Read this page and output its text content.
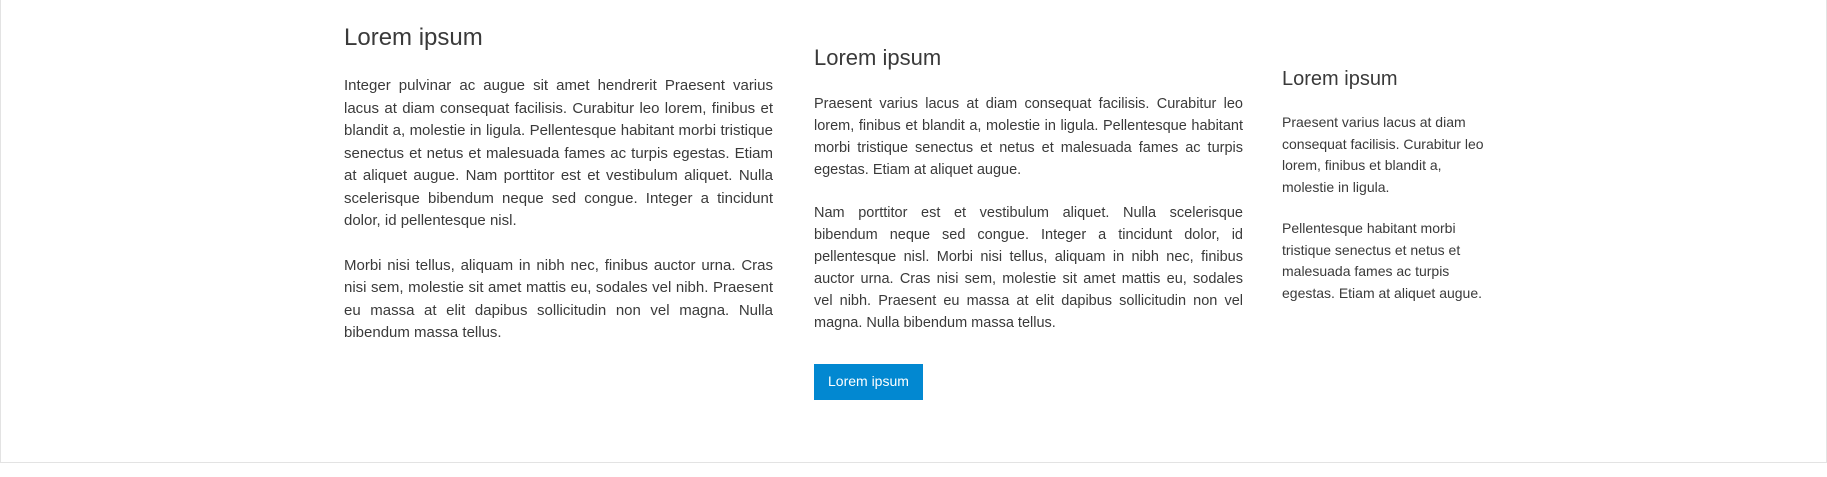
Lorem ipsum

Integer pulvinar ac augue sit amet hendrerit Praesent varius lacus at diam consequat facilisis. Curabitur leo lorem, finibus et blandit a, molestie in ligula. Pellentesque habitant morbi tristique senectus et netus et malesuada fames ac turpis egestas. Etiam at aliquet augue. Nam porttitor est et vestibulum aliquet. Nulla scelerisque bibendum neque sed congue. Integer a tincidunt dolor, id pellentesque nisl.

Morbi nisi tellus, aliquam in nibh nec, finibus auctor urna. Cras nisi sem, molestie sit amet mattis eu, sodales vel nibh. Praesent eu massa at elit dapibus sollicitudin non vel magna. Nulla bibendum massa tellus.

Lorem ipsum

Praesent varius lacus at diam consequat facilisis. Curabitur leo lorem, finibus et blandit a, molestie in ligula. Pellentesque habitant morbi tristique senectus et netus et malesuada fames ac turpis egestas. Etiam at aliquet augue.

Nam porttitor est et vestibulum aliquet. Nulla scelerisque bibendum neque sed congue. Integer a tincidunt dolor, id pellentesque nisl. Morbi nisi tellus, aliquam in nibh nec, finibus auctor urna. Cras nisi sem, molestie sit amet mattis eu, sodales vel nibh. Praesent eu massa at elit dapibus sollicitudin non vel magna. Nulla bibendum massa tellus.

Lorem ipsum
Lorem ipsum

Praesent varius lacus at diam consequat facilisis. Curabitur leo lorem, finibus et blandit a, molestie in ligula.

Pellentesque habitant morbi tristique senectus et netus et malesuada fames ac turpis egestas. Etiam at aliquet augue.
